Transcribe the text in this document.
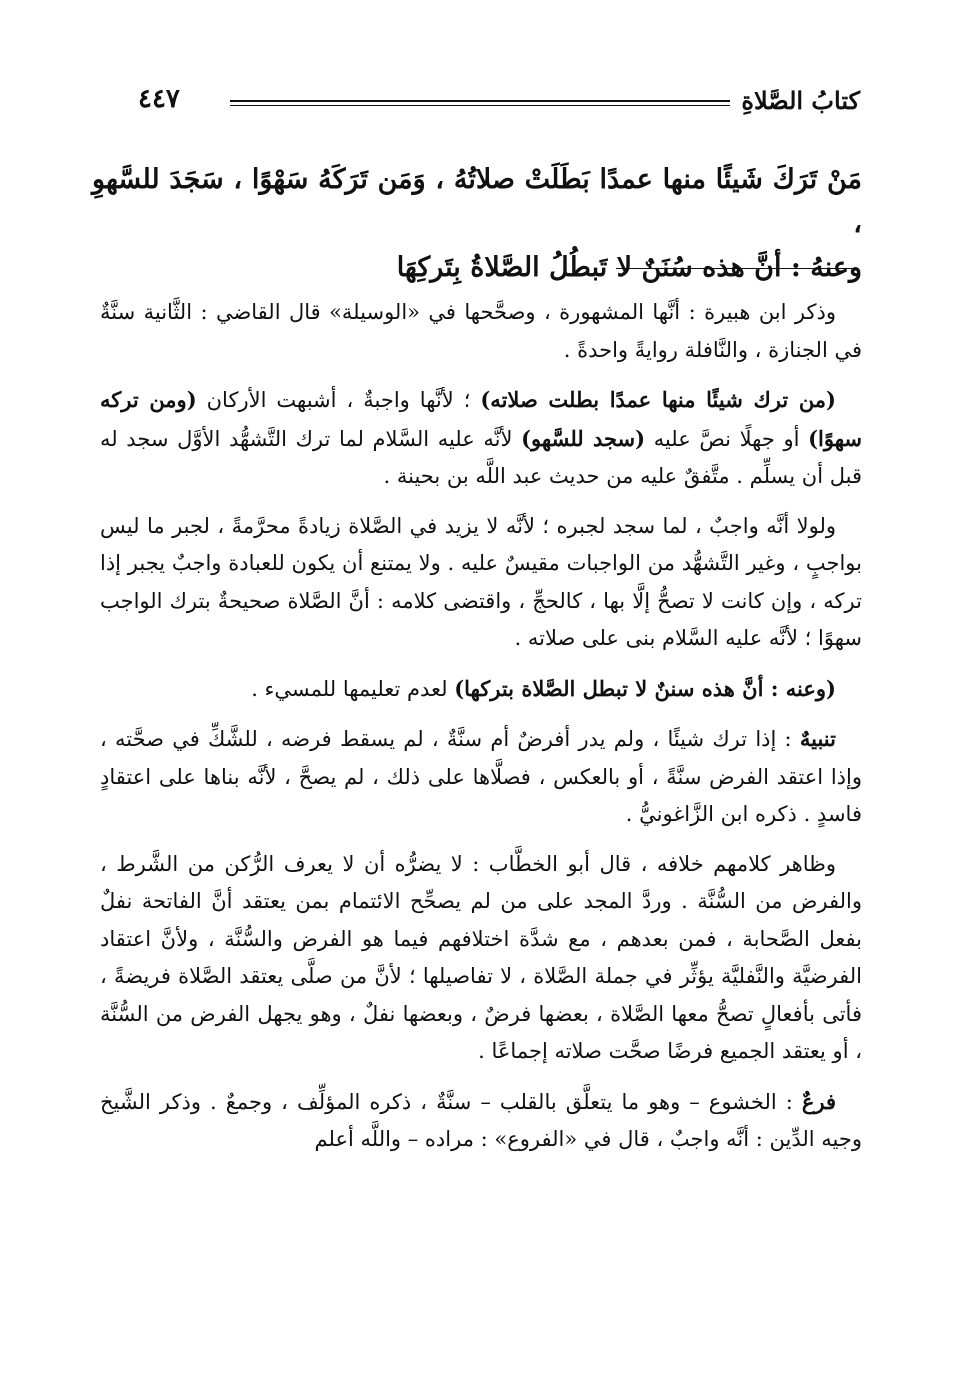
كتابُ الصَّلاةِ
٤٤٧
مَنْ تَرَكَ شَيئًا منها عمدًا بَطَلَتْ صلاتُهُ ، وَمَن تَرَكَهُ سَهْوًا ، سَجَدَ للسَّهوِ ،
وعنهُ : أنَّ هذه سُنَنٌ لا تَبطُلُ الصَّلاةُ بِتَركِهَا

وذكر ابن هبيرة : أنَّها المشهورة ، وصحَّحها في «الوسيلة» قال القاضي : الثَّانية سنَّةٌ في الجنازة ، والنَّافلة روايةً واحدةً .

(من ترك شيئًا منها عمدًا بطلت صلاته) ؛ لأنَّها واجبةٌ ، أشبهت الأركان (ومن تركه سهوًا) أو جهلًا نصَّ عليه (سجد للسَّهو) لأنَّه عليه السَّلام لما ترك التَّشهُّد الأوَّل سجد له قبل أن يسلِّم . متَّفقٌ عليه من حديث عبد اللَّه بن بحينة .

ولولا أنَّه واجبٌ ، لما سجد لجبره ؛ لأنَّه لا يزيد في الصَّلاة زيادةً محرَّمةً ، لجبر ما ليس بواجبٍ ، وغير التَّشهُّد من الواجبات مقيسٌ عليه . ولا يمتنع أن يكون للعبادة واجبٌ يجبر إذا تركه ، وإن كانت لا تصحُّ إلَّا بها ، كالحجِّ ، واقتضى كلامه : أنَّ الصَّلاة صحيحةٌ بترك الواجب سهوًا ؛ لأنَّه عليه السَّلام بنى على صلاته .

(وعنه : أنَّ هذه سننٌ لا تبطل الصَّلاة بتركها) لعدم تعليمها للمسيء .

تنبيهٌ : إذا ترك شيئًا ، ولم يدر أفرضٌ أم سنَّةٌ ، لم يسقط فرضه ، للشَّكِّ في صحَّته ، وإذا اعتقد الفرض سنَّةً ، أو بالعكس ، فصلَّاها على ذلك ، لم يصحَّ ، لأنَّه بناها على اعتقادٍ فاسدٍ . ذكره ابن الزَّاغونيُّ .

وظاهر كلامهم خلافه ، قال أبو الخطَّاب : لا يضرُّه أن لا يعرف الرُّكن من الشَّرط ، والفرض من السُّنَّة . وردَّ المجد على من لم يصحِّح الائتمام بمن يعتقد أنَّ الفاتحة نفلٌ بفعل الصَّحابة ، فمن بعدهم ، مع شدَّة اختلافهم فيما هو الفرض والسُّنَّة ، ولأنَّ اعتقاد الفرضيَّة والنَّفليَّة يؤثِّر في جملة الصَّلاة ، لا تفاصيلها ؛ لأنَّ من صلَّى يعتقد الصَّلاة فريضةً ، فأتى بأفعالٍ تصحُّ معها الصَّلاة ، بعضها فرضٌ ، وبعضها نفلٌ ، وهو يجهل الفرض من السُّنَّة ، أو يعتقد الجميع فرضًا صحَّت صلاته إجماعًا .

فرعٌ : الخشوع – وهو ما يتعلَّق بالقلب – سنَّةٌ ، ذكره المؤلِّف ، وجمعٌ . وذكر الشَّيخ وجيه الدِّين : أنَّه واجبٌ ، قال في «الفروع» : مراده – واللَّه أعلم
